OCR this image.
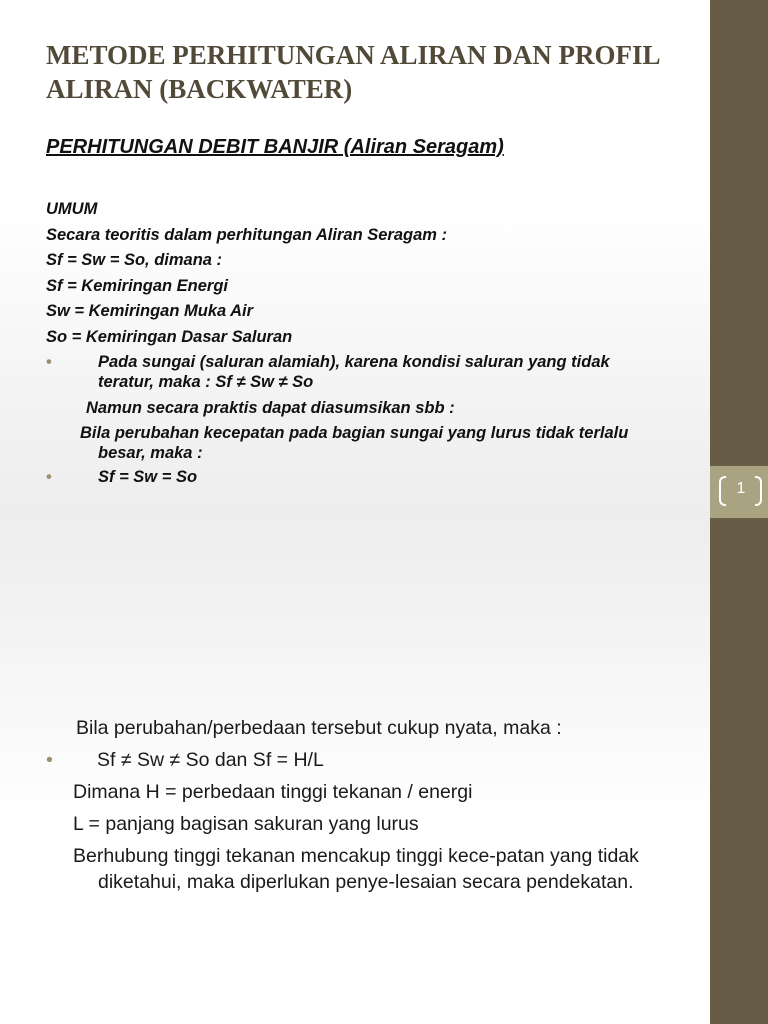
1
METODE PERHITUNGAN ALIRAN DAN PROFIL ALIRAN (BACKWATER)
PERHITUNGAN DEBIT BANJIR (Aliran Seragam)
UMUM
Secara teoritis dalam perhitungan Aliran Seragam :
Sf = Sw = So, dimana :
Sf = Kemiringan Energi
Sw = Kemiringan Muka Air
So = Kemiringan Dasar Saluran
•	Pada sungai (saluran alamiah), karena kondisi saluran yang tidak teratur, maka : Sf ≠ Sw ≠ So
Namun secara praktis dapat diasumsikan sbb :
Bila perubahan kecepatan pada bagian sungai yang lurus tidak terlalu besar, maka :
•	Sf = Sw = So
Bila perubahan/perbedaan tersebut cukup nyata, maka :
• Sf ≠ Sw ≠ So dan Sf = H/L
Dimana H = perbedaan tinggi tekanan / energi
L = panjang bagisan sakuran yang lurus
Berhubung tinggi tekanan mencakup tinggi kece-patan yang tidak diketahui, maka diperlukan penye-lesaian secara pendekatan.
